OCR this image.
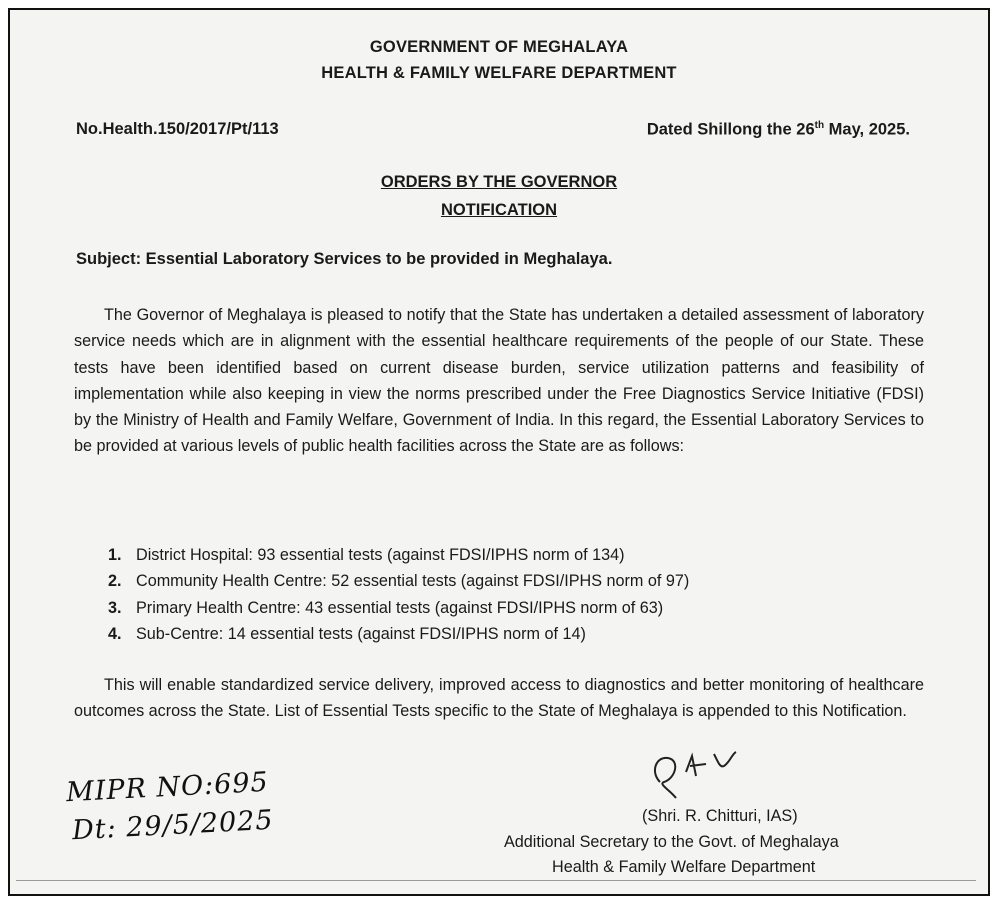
GOVERNMENT OF MEGHALAYA
HEALTH & FAMILY WELFARE DEPARTMENT
No.Health.150/2017/Pt/113	Dated Shillong the 26th May, 2025.
ORDERS BY THE GOVERNOR
NOTIFICATION
Subject: Essential Laboratory Services to be provided in Meghalaya.
The Governor of Meghalaya is pleased to notify that the State has undertaken a detailed assessment of laboratory service needs which are in alignment with the essential healthcare requirements of the people of our State. These tests have been identified based on current disease burden, service utilization patterns and feasibility of implementation while also keeping in view the norms prescribed under the Free Diagnostics Service Initiative (FDSI) by the Ministry of Health and Family Welfare, Government of India. In this regard, the Essential Laboratory Services to be provided at various levels of public health facilities across the State are as follows:
1. District Hospital: 93 essential tests (against FDSI/IPHS norm of 134)
2. Community Health Centre: 52 essential tests (against FDSI/IPHS norm of 97)
3. Primary Health Centre: 43 essential tests (against FDSI/IPHS norm of 63)
4. Sub-Centre: 14 essential tests (against FDSI/IPHS norm of 14)
This will enable standardized service delivery, improved access to diagnostics and better monitoring of healthcare outcomes across the State. List of Essential Tests specific to the State of Meghalaya is appended to this Notification.
MIPR NO:695
Dt: 29/5/2025	(Shri. R. Chitturi, IAS)
Additional Secretary to the Govt. of Meghalaya
Health & Family Welfare Department
